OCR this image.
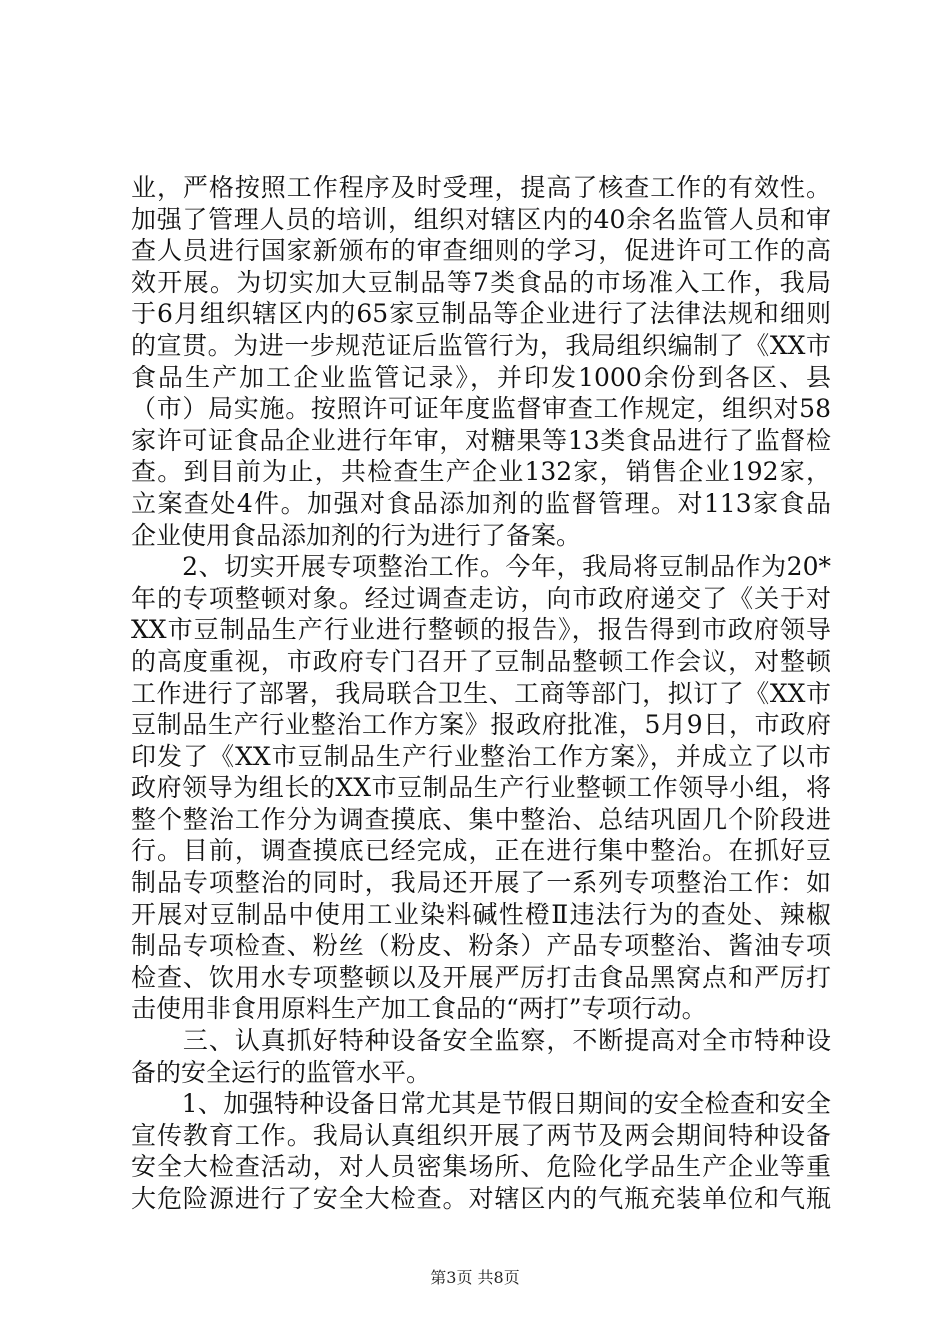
业，严格按照工作程序及时受理，提高了核查工作的有效性。
加强了管理人员的培训，组织对辖区内的40余名监管人员和审
查人员进行国家新颁布的审查细则的学习，促进许可工作的高
效开展。为切实加大豆制品等7类食品的市场准入工作，我局
于6月组织辖区内的65家豆制品等企业进行了法律法规和细则
的宣贯。为进一步规范证后监管行为，我局组织编制了《XX市
食品生产加工企业监管记录》，并印发1000余份到各区、县
（市）局实施。按照许可证年度监督审查工作规定，组织对58
家许可证食品企业进行年审，对糖果等13类食品进行了监督检
查。到目前为止，共检查生产企业132家，销售企业192家，
立案查处4件。加强对食品添加剂的监督管理。对113家食品
企业使用食品添加剂的行为进行了备案。
　　2、切实开展专项整治工作。今年，我局将豆制品作为20*
年的专项整顿对象。经过调查走访，向市政府递交了《关于对
XX市豆制品生产行业进行整顿的报告》，报告得到市政府领导
的高度重视，市政府专门召开了豆制品整顿工作会议，对整顿
工作进行了部署，我局联合卫生、工商等部门，拟订了《XX市
豆制品生产行业整治工作方案》报政府批准，5月9日，市政府
印发了《XX市豆制品生产行业整治工作方案》，并成立了以市
政府领导为组长的XX市豆制品生产行业整顿工作领导小组，将
整个整治工作分为调查摸底、集中整治、总结巩固几个阶段进
行。目前，调查摸底已经完成，正在进行集中整治。在抓好豆
制品专项整治的同时，我局还开展了一系列专项整治工作：如
开展对豆制品中使用工业染料碱性橙Ⅱ违法行为的查处、辣椒
制品专项检查、粉丝（粉皮、粉条）产品专项整治、酱油专项
检查、饮用水专项整顿以及开展严厉打击食品黑窝点和严厉打
击使用非食用原料生产加工食品的“两打”专项行动。
　　三、认真抓好特种设备安全监察，不断提高对全市特种设
备的安全运行的监管水平。
　　1、加强特种设备日常尤其是节假日期间的安全检查和安全
宣传教育工作。我局认真组织开展了两节及两会期间特种设备
安全大检查活动，对人员密集场所、危险化学品生产企业等重
大危险源进行了安全大检查。对辖区内的气瓶充装单位和气瓶
第3页 共8页
